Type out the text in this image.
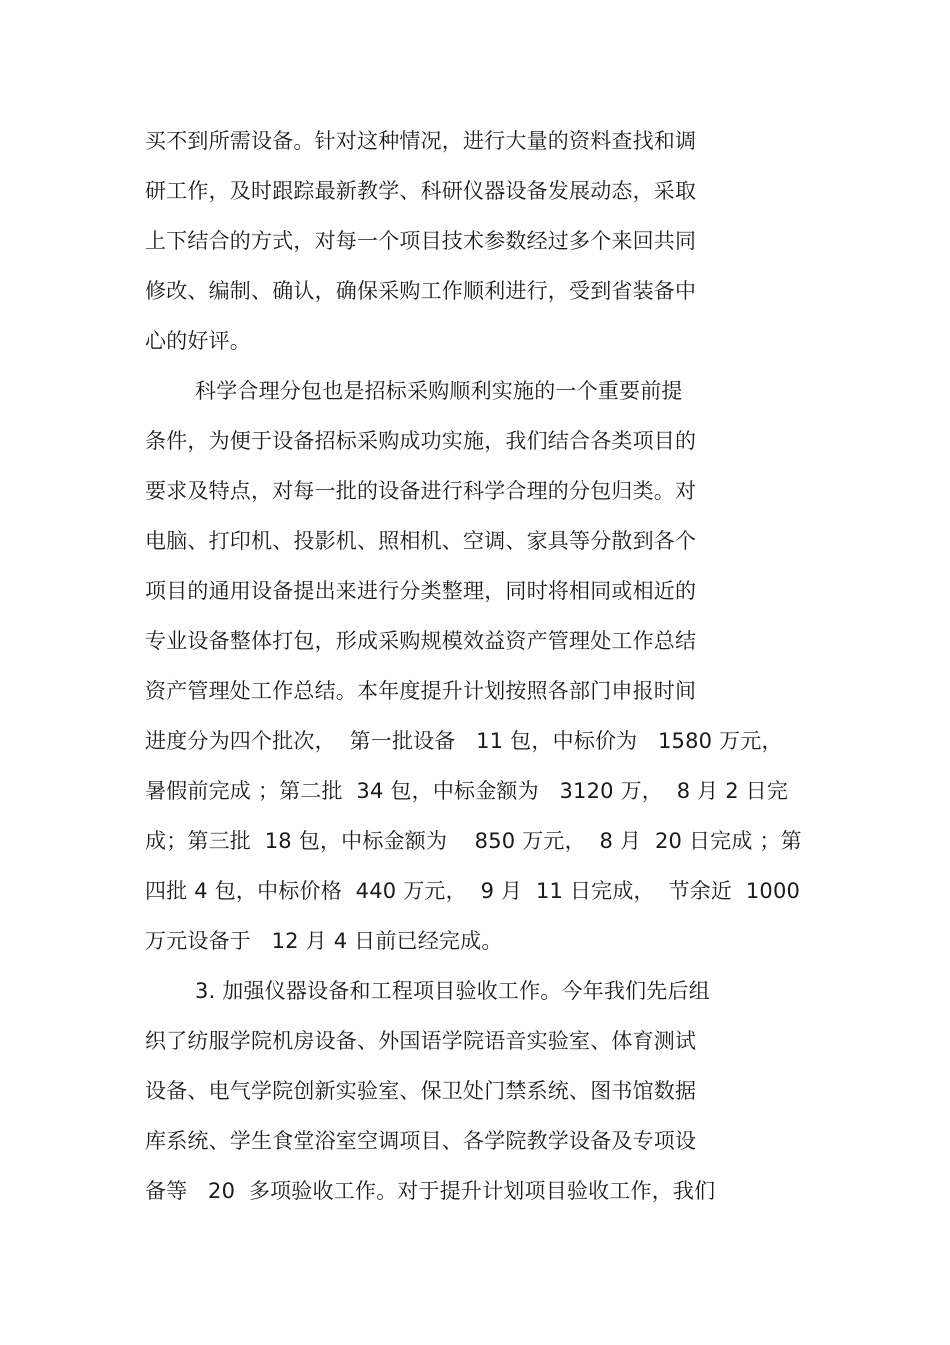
买不到所需设备。针对这种情况，进行大量的资料查找和调
研工作，及时跟踪最新教学、科研仪器设备发展动态，采取
上下结合的方式，对每一个项目技术参数经过多个来回共同
修改、编制、确认，确保采购工作顺利进行，受到省装备中
心的好评。
科学合理分包也是招标采购顺利实施的一个重要前提
条件，为便于设备招标采购成功实施，我们结合各类项目的
要求及特点，对每一批的设备进行科学合理的分包归类。对
电脑、打印机、投影机、照相机、空调、家具等分散到各个
项目的通用设备提出来进行分类整理，同时将相同或相近的
专业设备整体打包，形成采购规模效益资产管理处工作总结
资产管理处工作总结。本年度提升计划按照各部门申报时间
进度分为四个批次，  第一批设备   11 包，中标价为   1580 万元，
暑假前完成 ；第二批  34 包，中标金额为   3120 万，  8 月 2 日完
成；第三批  18 包，中标金额为    850 万元，  8 月  20 日完成 ；第
四批 4 包，中标价格  440 万元，  9 月  11 日完成，  节余近  1000
万元设备于   12 月 4 日前已经完成。
3. 加强仪器设备和工程项目验收工作。今年我们先后组
织了纺服学院机房设备、外国语学院语音实验室、体育测试
设备、电气学院创新实验室、保卫处门禁系统、图书馆数据
库系统、学生食堂浴室空调项目、各学院教学设备及专项设
备等   20  多项验收工作。对于提升计划项目验收工作，我们
